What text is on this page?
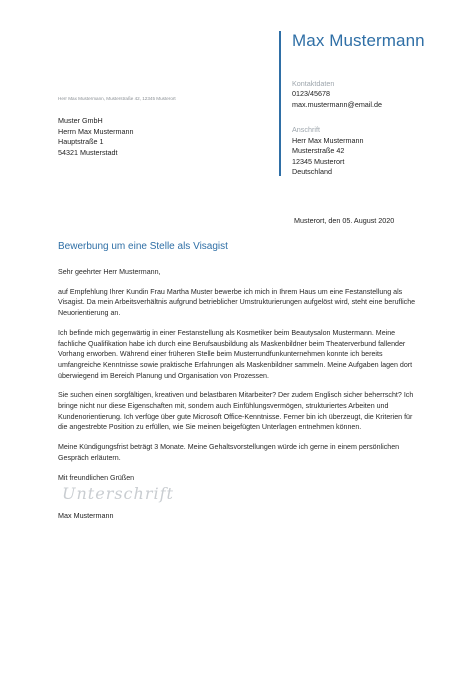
Max Mustermann
Kontaktdaten
0123/45678
max.mustermann@email.de
Anschrift
Herr Max Mustermann
Musterstraße 42
12345 Musterort
Deutschland
Herr Max Mustermann, Musterstraße 42, 12345 Musterort
Muster GmbH
Herrn Max Mustermann
Hauptstraße 1
54321 Musterstadt
Musterort, den 05. August 2020
Bewerbung um eine Stelle als Visagist

Sehr geehrter Herr Mustermann,

auf Empfehlung Ihrer Kundin Frau Martha Muster bewerbe ich mich in Ihrem Haus um eine Festanstellung als Visagist. Da mein Arbeitsverhältnis aufgrund betrieblicher Umstrukturierungen aufgelöst wird, steht eine berufliche Neuorientierung an.

Ich befinde mich gegenwärtig in einer Festanstellung als Kosmetiker beim Beautysalon Mustermann. Meine fachliche Qualifikation habe ich durch eine Berufsausbildung als Maskenbildner beim Theaterverbund fallender Vorhang erworben. Während einer früheren Stelle beim Musterrundfunkunternehmen konnte ich bereits umfangreiche Kenntnisse sowie praktische Erfahrungen als Maskenbildner sammeln. Meine Aufgaben lagen dort überwiegend im Bereich Planung und Organisation von Prozessen.

Sie suchen einen sorgfältigen, kreativen und belastbaren Mitarbeiter? Der zudem Englisch sicher beherrscht? Ich bringe nicht nur diese Eigenschaften mit, sondern auch Einfühlungsvermögen, strukturiertes Arbeiten und Kundenorientierung. Ich verfüge über gute Microsoft Office-Kenntnisse. Ferner bin ich überzeugt, die Kriterien für die angestrebte Position zu erfüllen, wie Sie meinen beigefügten Unterlagen entnehmen können.

Meine Kündigungsfrist beträgt 3 Monate. Meine Gehaltsvorstellungen würde ich gerne in einem persönlichen Gespräch erläutern.

Mit freundlichen Grüßen

Unterschrift
Max Mustermann
